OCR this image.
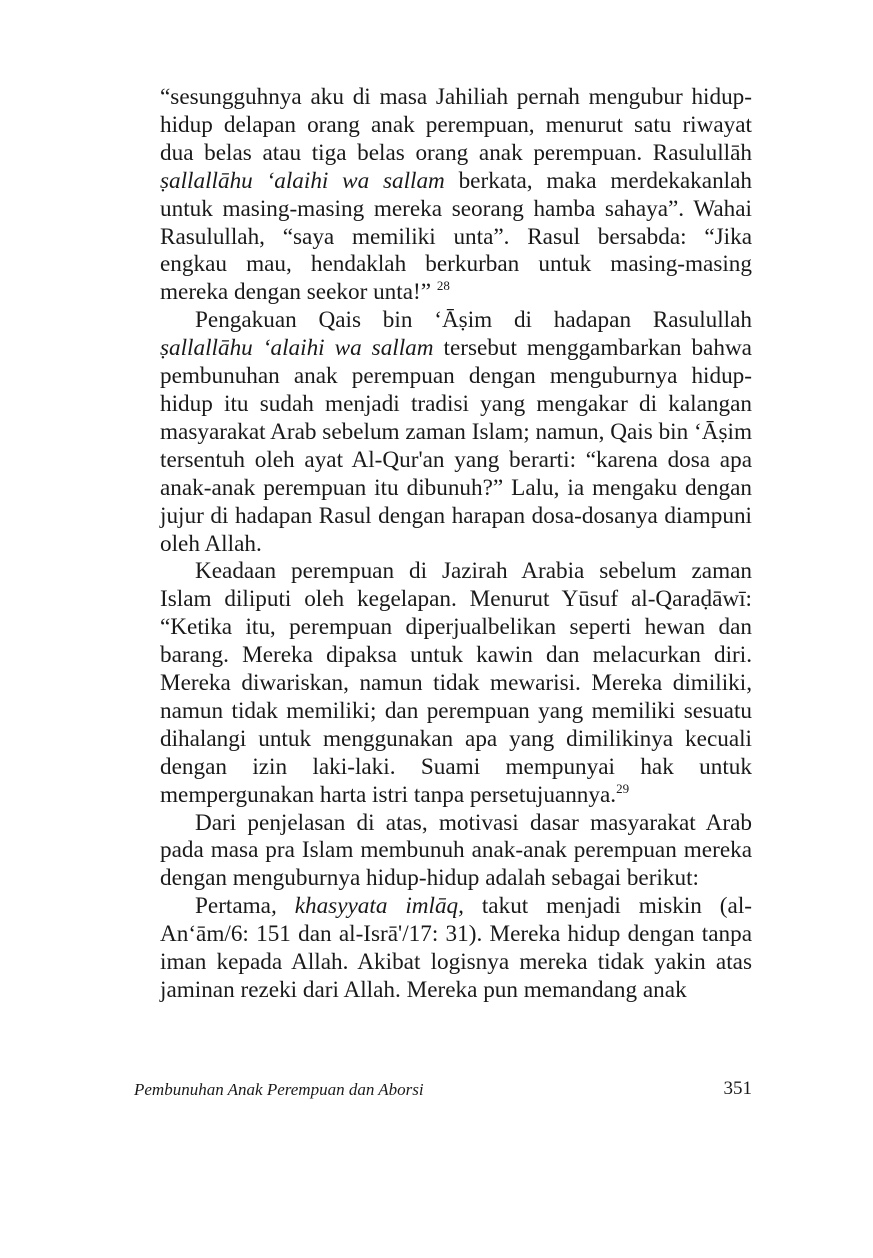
“sesungguhnya aku di masa Jahiliah pernah mengubur hidup-hidup delapan orang anak perempuan, menurut satu riwayat dua belas atau tiga belas orang anak perempuan. Rasulullāh ṣallallāhu ‘alaihi wa sallam berkata, maka merdekakanlah untuk masing-masing mereka seorang hamba sahaya”. Wahai Rasulullah, “saya memiliki unta”. Rasul bersabda: “Jika engkau mau, hendaklah berkurban untuk masing-masing mereka dengan seekor unta!” $^{28}$

Pengakuan Qais bin ‘Āṣim di hadapan Rasulullah ṣallallāhu ‘alaihi wa sallam tersebut menggambarkan bahwa pembunuhan anak perempuan dengan menguburnya hidup-hidup itu sudah menjadi tradisi yang mengakar di kalangan masyarakat Arab sebelum zaman Islam; namun, Qais bin ‘Āṣim tersentuh oleh ayat Al-Qur'an yang berarti: “karena dosa apa anak-anak perempuan itu dibunuh?” Lalu, ia mengaku dengan jujur di hadapan Rasul dengan harapan dosa-dosanya diampuni oleh Allah.

Keadaan perempuan di Jazirah Arabia sebelum zaman Islam diliputi oleh kegelapan. Menurut Yūsuf al-Qaraḍāwī: “Ketika itu, perempuan diperjualbelikan seperti hewan dan barang. Mereka dipaksa untuk kawin dan melacurkan diri. Mereka diwariskan, namun tidak mewarisi. Mereka dimiliki, namun tidak memiliki; dan perempuan yang memiliki sesuatu dihalangi untuk menggunakan apa yang dimilikinya kecuali dengan izin laki-laki. Suami mempunyai hak untuk mempergunakan harta istri tanpa persetujuannya.$^{29}$

Dari penjelasan di atas, motivasi dasar masyarakat Arab pada masa pra Islam membunuh anak-anak perempuan mereka dengan menguburnya hidup-hidup adalah sebagai berikut:

Pertama, khasyyata imlāq, takut menjadi miskin (al-An‘ām/6: 151 dan al-Isrā'/17: 31). Mereka hidup dengan tanpa iman kepada Allah. Akibat logisnya mereka tidak yakin atas jaminan rezeki dari Allah. Mereka pun memandang anak

Pembunuhan Anak Perempuan dan Aborsi	351
